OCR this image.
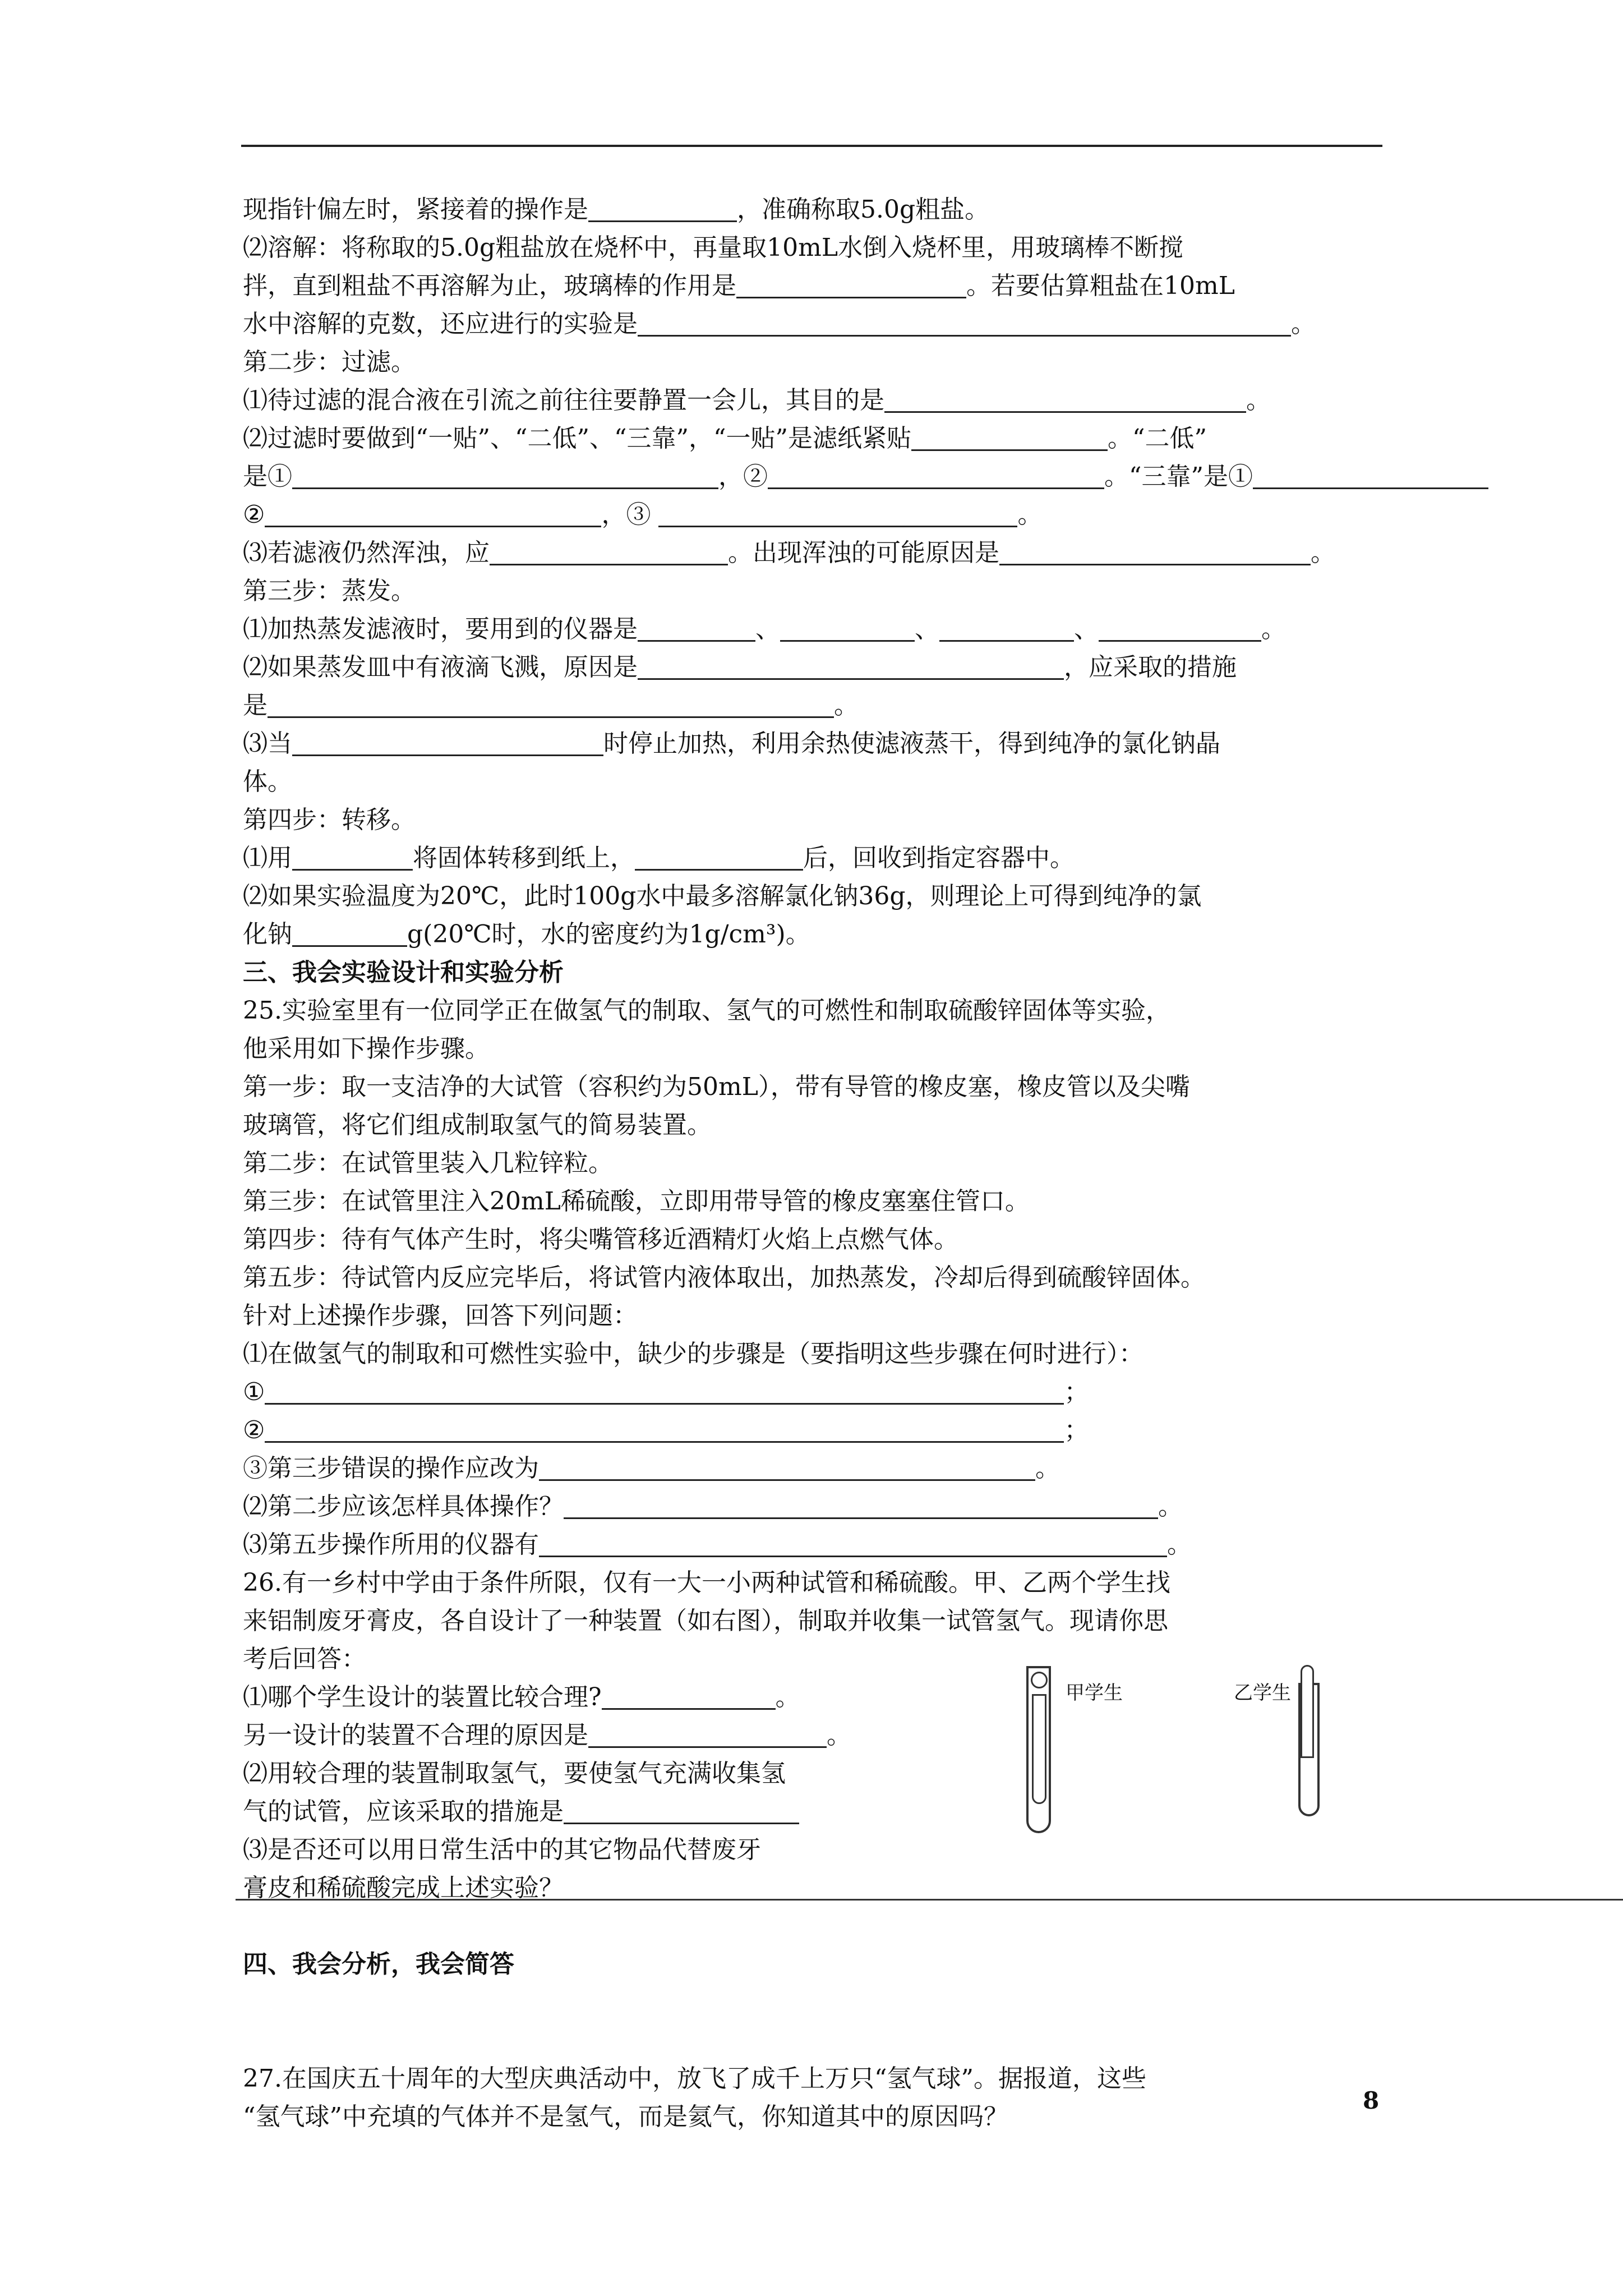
现指针偏左时，紧接着的操作是	，准确称取5.0g粗盐。
⑵溶解：将称取的5.0g粗盐放在烧杯中，再量取10mL水倒入烧杯里，用玻璃棒不断搅
拌，直到粗盐不再溶解为止，玻璃棒的作用是	。若要估算粗盐在10mL
水中溶解的克数，还应进行的实验是	。
第二步：过滤。
⑴待过滤的混合液在引流之前往往要静置一会儿，其目的是	。
⑵过滤时要做到“一贴”、“二低”、“三靠”，“一贴”是滤纸紧贴	。“二低”
是①	，②	。“三靠”是①
②	，③	。
⑶若滤液仍然浑浊，应	。出现浑浊的可能原因是	。
第三步：蒸发。
⑴加热蒸发滤液时，要用到的仪器是	、	、	、	。
⑵如果蒸发皿中有液滴飞溅，原因是	，应采取的措施
是	。
⑶当	时停止加热，利用余热使滤液蒸干，得到纯净的氯化钠晶
体。
第四步：转移。
⑴用	将固体转移到纸上，	后，回收到指定容器中。
⑵如果实验温度为20℃，此时100g水中最多溶解氯化钠36g，则理论上可得到纯净的氯
化钠	g(20℃时，水的密度约为1g/cm³)。
三、我会实验设计和实验分析
25.实验室里有一位同学正在做氢气的制取、氢气的可燃性和制取硫酸锌固体等实验，
他采用如下操作步骤。
第一步：取一支洁净的大试管（容积约为50mL），带有导管的橡皮塞，橡皮管以及尖嘴
玻璃管，将它们组成制取氢气的简易装置。
第二步：在试管里装入几粒锌粒。
第三步：在试管里注入20mL稀硫酸，立即用带导管的橡皮塞塞住管口。
第四步：待有气体产生时，将尖嘴管移近酒精灯火焰上点燃气体。
第五步：待试管内反应完毕后，将试管内液体取出，加热蒸发，冷却后得到硫酸锌固体。
针对上述操作步骤，回答下列问题：
⑴在做氢气的制取和可燃性实验中，缺少的步骤是（要指明这些步骤在何时进行）：
①	；
②	；
③第三步错误的操作应改为	。
⑵第二步应该怎样具体操作？	。
⑶第五步操作所用的仪器有	。
26.有一乡村中学由于条件所限，仅有一大一小两种试管和稀硫酸。甲、乙两个学生找
来铝制废牙膏皮，各自设计了一种装置（如右图），制取并收集一试管氢气。现请你思
考后回答：
⑴哪个学生设计的装置比较合理?	。
另一设计的装置不合理的原因是	。
⑵用较合理的装置制取氢气，要使氢气充满收集氢
气的试管，应该采取的措施是
⑶是否还可以用日常生活中的其它物品代替废牙
膏皮和稀硫酸完成上述实验？
四、我会分析，我会简答
27.在国庆五十周年的大型庆典活动中，放飞了成千上万只“氢气球”。据报道，这些
“氢气球”中充填的气体并不是氢气，而是氦气，你知道其中的原因吗？
甲学生	乙学生
8
